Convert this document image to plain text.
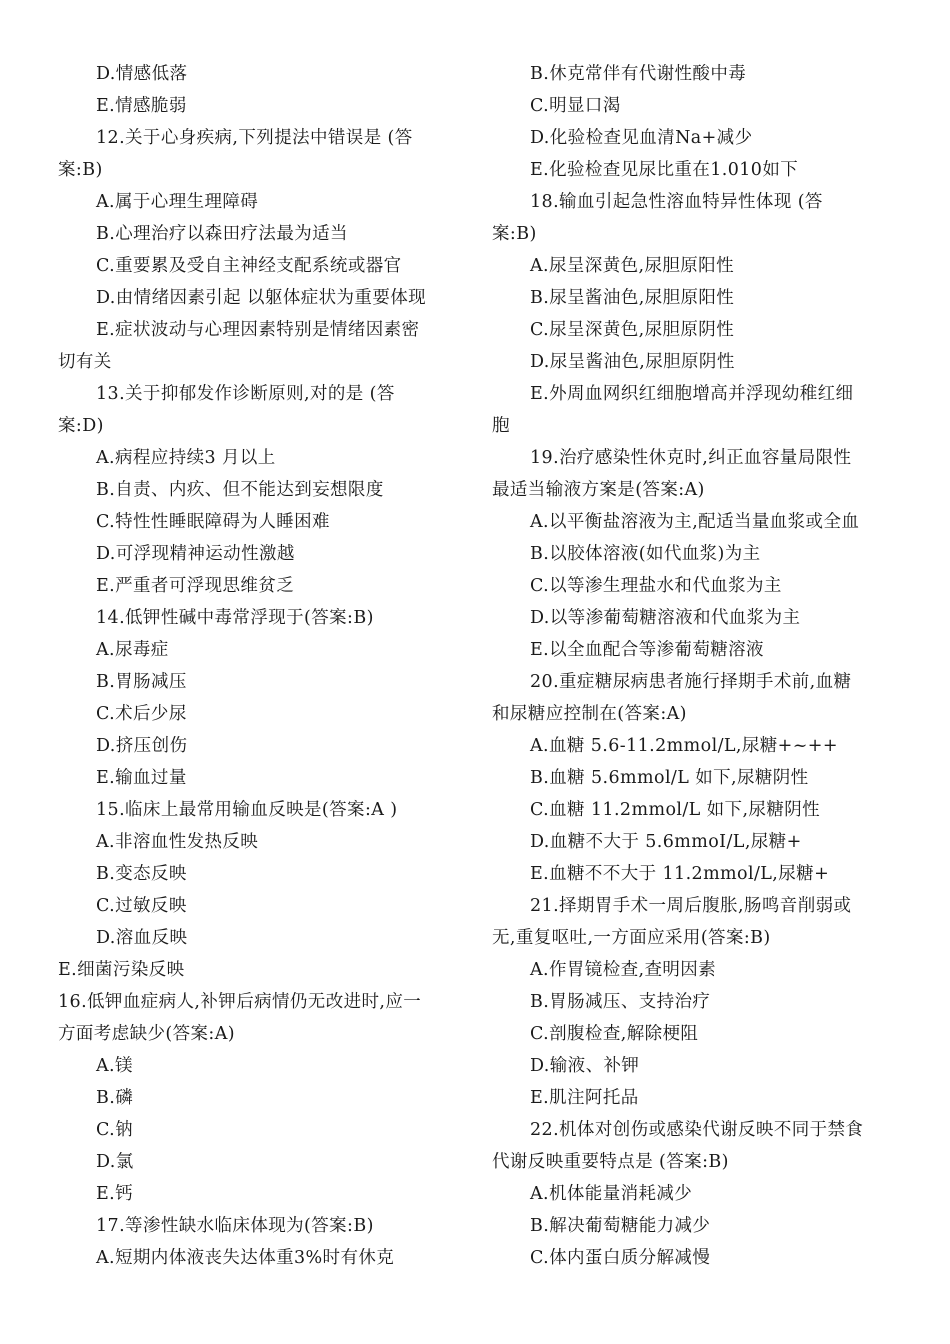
D.情感低落
E.情感脆弱
12.关于心身疾病,下列提法中错误是 (答
案:B)
A.属于心理生理障碍
B.心理治疗以森田疗法最为适当
C.重要累及受自主神经支配系统或器官
D.由情绪因素引起 以躯体症状为重要体现
E.症状波动与心理因素特别是情绪因素密
切有关
13.关于抑郁发作诊断原则,对的是 (答
案:D)
A.病程应持续3 月以上
B.自责、内疚、但不能达到妄想限度
C.特性性睡眠障碍为人睡困难
D.可浮现精神运动性激越
E.严重者可浮现思维贫乏
14.低钾性碱中毒常浮现于(答案:B)
A.尿毒症
B.胃肠减压
C.术后少尿
D.挤压创伤
E.输血过量
15.临床上最常用输血反映是(答案:A )
A.非溶血性发热反映
B.变态反映
C.过敏反映
D.溶血反映
E.细菌污染反映
16.低钾血症病人,补钾后病情仍无改进时,应一
方面考虑缺少(答案:A)
A.镁
B.磷
C.钠
D.氯
E.钙
17.等渗性缺水临床体现为(答案:B)
A.短期内体液丧失达体重3%时有休克
B.休克常伴有代谢性酸中毒
C.明显口渴
D.化验检查见血清Na+减少
E.化验检查见尿比重在1.010如下
18.输血引起急性溶血特异性体现 (答
案:B)
A.尿呈深黄色,尿胆原阳性
B.尿呈酱油色,尿胆原阳性
C.尿呈深黄色,尿胆原阴性
D.尿呈酱油色,尿胆原阴性
E.外周血网织红细胞增高并浮现幼稚红细
胞
19.治疗感染性休克时,纠正血容量局限性
最适当输液方案是(答案:A)
A.以平衡盐溶液为主,配适当量血浆或全血
B.以胶体溶液(如代血浆)为主
C.以等渗生理盐水和代血浆为主
D.以等渗葡萄糖溶液和代血浆为主
E.以全血配合等渗葡萄糖溶液
20.重症糖尿病患者施行择期手术前,血糖
和尿糖应控制在(答案:A)
A.血糖 5.6-11.2mmol/L,尿糖+~++
B.血糖 5.6mmol/L 如下,尿糖阴性
C.血糖 11.2mmol/L 如下,尿糖阴性
D.血糖不大于 5.6mmoI/L,尿糖+
E.血糖不不大于 11.2mmol/L,尿糖+
21.择期胃手术一周后腹胀,肠鸣音削弱或
无,重复呕吐,一方面应采用(答案:B)
A.作胃镜检查,查明因素
B.胃肠减压、支持治疗
C.剖腹检查,解除梗阻
D.输液、补钾
E.肌注阿托品
22.机体对创伤或感染代谢反映不同于禁食
代谢反映重要特点是 (答案:B)
A.机体能量消耗减少
B.解决葡萄糖能力减少
C.体内蛋白质分解减慢
